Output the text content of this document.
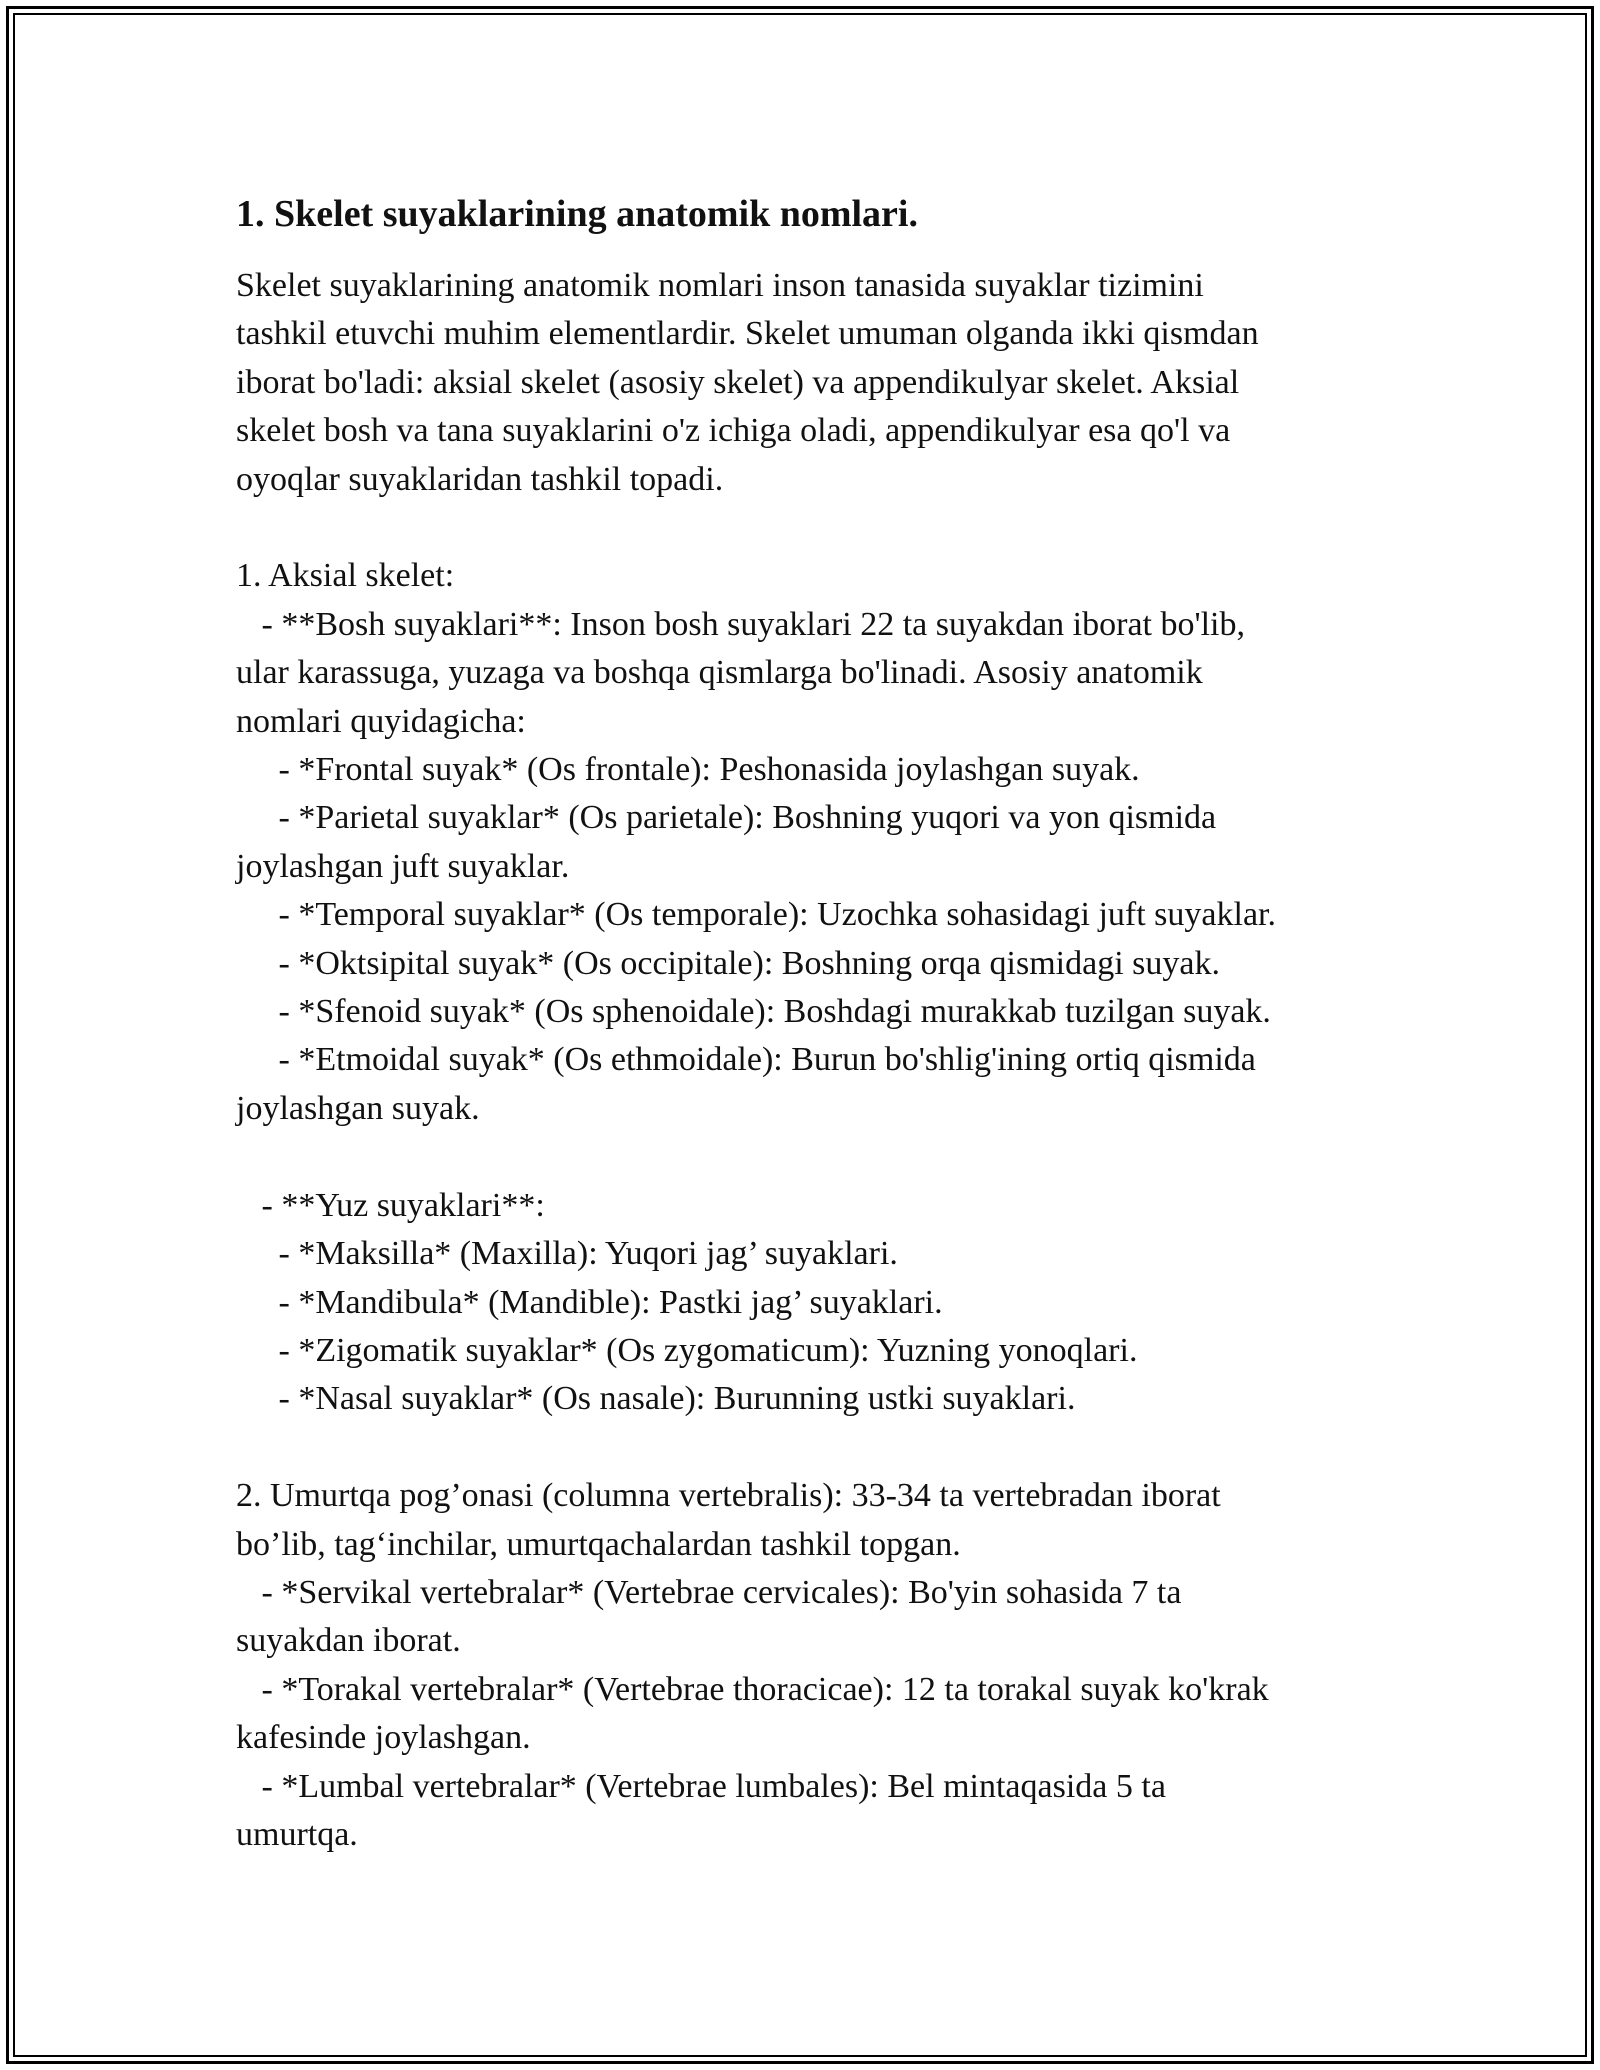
1. Skelet suyaklarining anatomik nomlari.
Skelet suyaklarining anatomik nomlari inson tanasida suyaklar tizimini
tashkil etuvchi muhim elementlardir. Skelet umuman olganda ikki qismdan
iborat bo'ladi: aksial skelet (asosiy skelet) va appendikulyar skelet. Aksial
skelet bosh va tana suyaklarini o'z ichiga oladi, appendikulyar esa qo'l va
oyoqlar suyaklaridan tashkil topadi.
1. Aksial skelet:
- **Bosh suyaklari**: Inson bosh suyaklari 22 ta suyakdan iborat bo'lib,
ular karassuga, yuzaga va boshqa qismlarga bo'linadi. Asosiy anatomik
nomlari quyidagicha:
- *Frontal suyak* (Os frontale): Peshonasida joylashgan suyak.
- *Parietal suyaklar* (Os parietale): Boshning yuqori va yon qismida
joylashgan juft suyaklar.
- *Temporal suyaklar* (Os temporale): Uzochka sohasidagi juft suyaklar.
- *Oktsipital suyak* (Os occipitale): Boshning orqa qismidagi suyak.
- *Sfenoid suyak* (Os sphenoidale): Boshdagi murakkab tuzilgan suyak.
- *Etmoidal suyak* (Os ethmoidale): Burun bo'shlig'ining ortiq qismida
joylashgan suyak.
- **Yuz suyaklari**:
- *Maksilla* (Maxilla): Yuqori jag’ suyaklari.
- *Mandibula* (Mandible): Pastki jag’ suyaklari.
- *Zigomatik suyaklar* (Os zygomaticum): Yuzning yonoqlari.
- *Nasal suyaklar* (Os nasale): Burunning ustki suyaklari.
2. Umurtqa pog’onasi (columna vertebralis): 33-34 ta vertebradan iborat
bo’lib, tag‘inchilar, umurtqachalardan tashkil topgan.
- *Servikal vertebralar* (Vertebrae cervicales): Bo'yin sohasida 7 ta
suyakdan iborat.
- *Torakal vertebralar* (Vertebrae thoracicae): 12 ta torakal suyak ko'krak
kafesinde joylashgan.
- *Lumbal vertebralar* (Vertebrae lumbales): Bel mintaqasida 5 ta
umurtqa.
